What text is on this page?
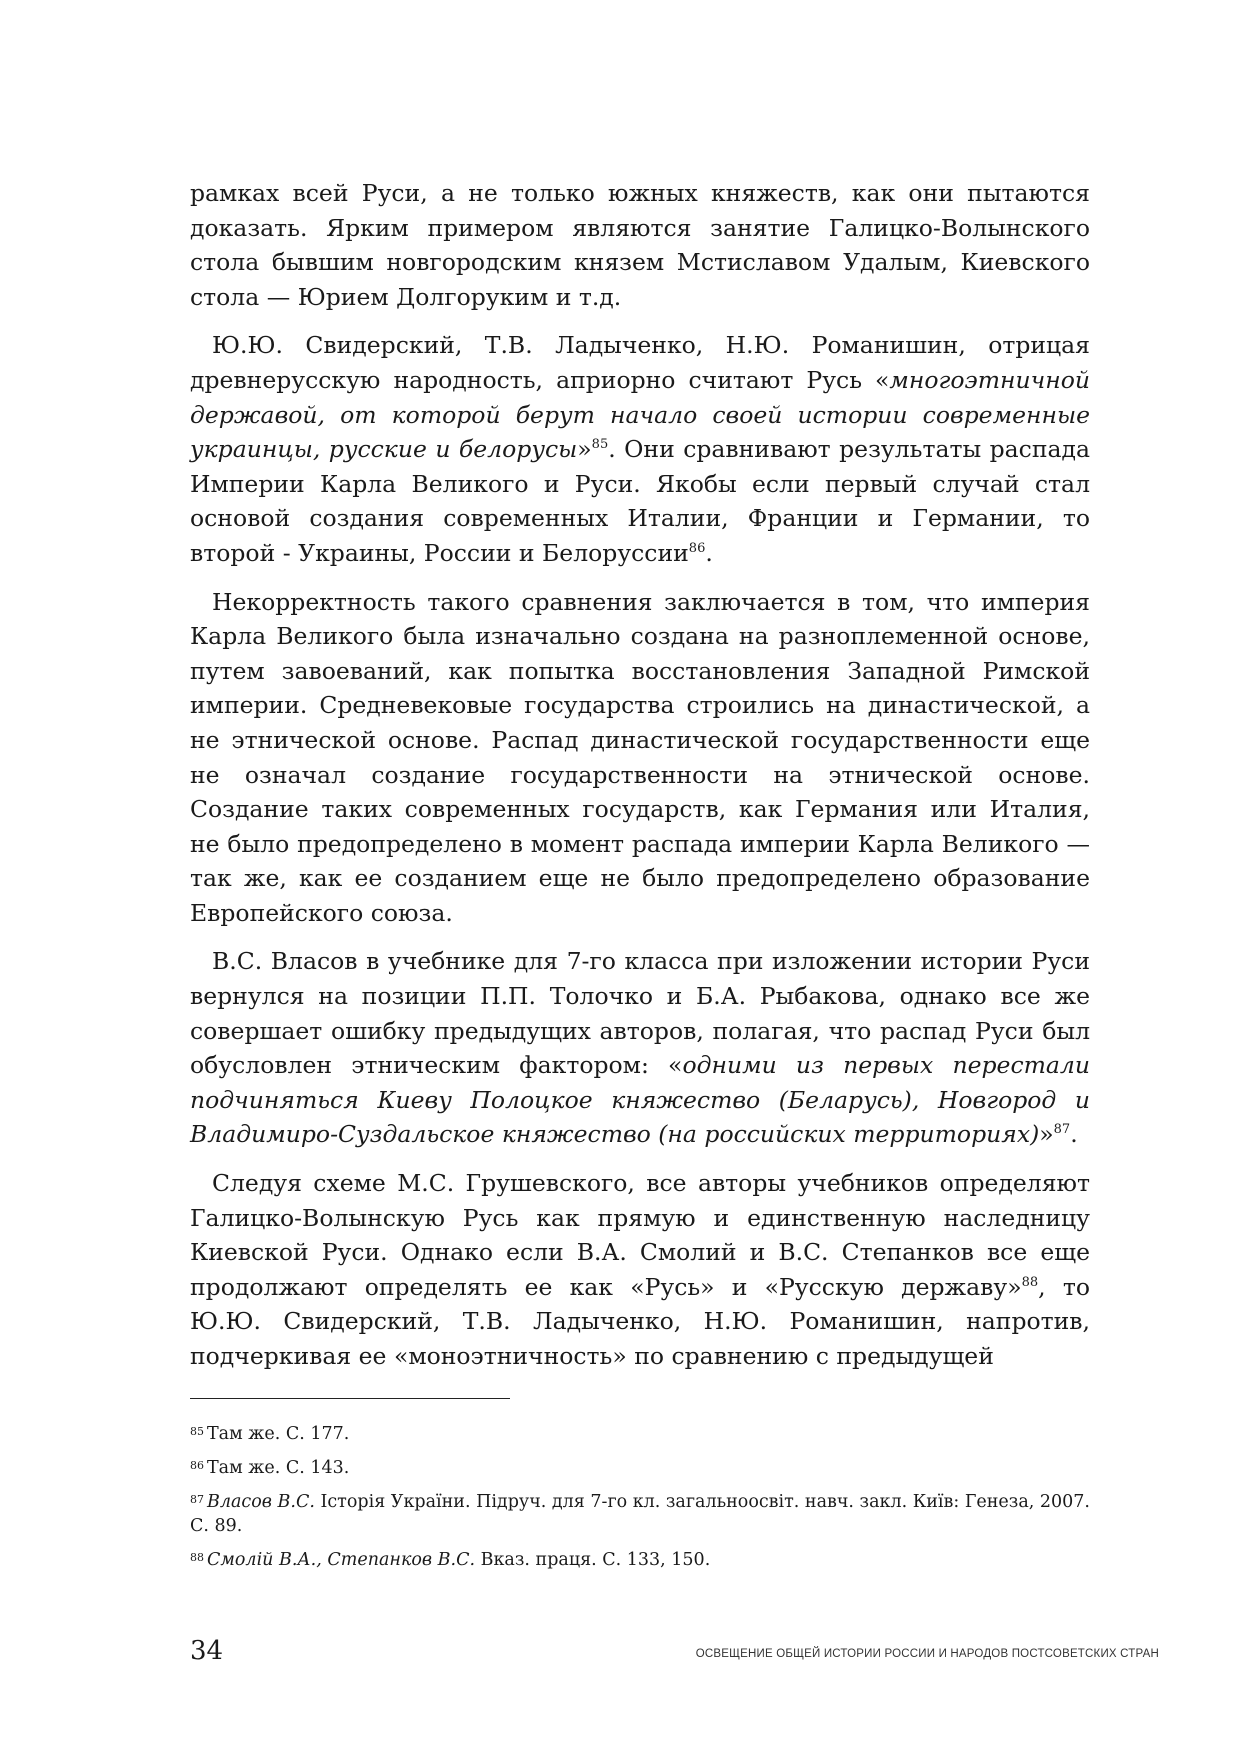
рамках всей Руси, а не только южных княжеств, как они пытаются доказать. Ярким примером являются занятие Галицко-Волынского стола бывшим новгородским князем Мстиславом Удалым, Киевского стола — Юрием Долгоруким и т.д.

Ю.Ю. Свидерский, Т.В. Ладыченко, Н.Ю. Романишин, отрицая древнерусскую народность, априорно считают Русь «многоэтничной державой, от которой берут начало своей истории современные украинцы, русские и белорусы»$^{85}$. Они сравнивают результаты распада Империи Карла Великого и Руси. Якобы если первый случай стал основой создания современных Италии, Франции и Германии, то второй - Украины, России и Белоруссии$^{86}$.

Некорректность такого сравнения заключается в том, что империя Карла Великого была изначально создана на разноплеменной основе, путем завоеваний, как попытка восстановления Западной Римской империи. Средневековые государства строились на династической, а не этнической основе. Распад династической государственности еще не означал создание государственности на этнической основе. Создание таких современных государств, как Германия или Италия, не было предопределено в момент распада империи Карла Великого — так же, как ее созданием еще не было предопределено образование Европейского союза.

В.С. Власов в учебнике для 7-го класса при изложении истории Руси вернулся на позиции П.П. Толочко и Б.А. Рыбакова, однако все же совершает ошибку предыдущих авторов, полагая, что распад Руси был обусловлен этническим фактором: «одними из первых перестали подчиняться Киеву Полоцкое княжество (Беларусь), Новгород и Владимиро-Суздальское княжество (на российских территориях)»$^{87}$.

Следуя схеме М.С. Грушевского, все авторы учебников определяют Галицко-Волынскую Русь как прямую и единственную наследницу Киевской Руси. Однако если В.А. Смолий и В.С. Степанков все еще продолжают определять ее как «Русь» и «Русскую державу»$^{88}$, то Ю.Ю. Свидерский, Т.В. Ладыченко, Н.Ю. Романишин, напротив, подчеркивая ее «моноэтничность» по сравнению с предыдущей

$^{85}$ Там же. С. 177.

$^{86}$ Там же. С. 143.

$^{87}$ Власов В.С. Історія України. Підруч. для 7-го кл. загальноосвіт. навч. закл. Київ: Генеза, 2007. С. 89.

$^{88}$ Смолій В.А., Степанков В.С. Вказ. праця. С. 133, 150.

34	ОСВЕЩЕНИЕ ОБЩЕЙ ИСТОРИИ РОССИИ И НАРОДОВ ПОСТСОВЕТСКИХ СТРАН
